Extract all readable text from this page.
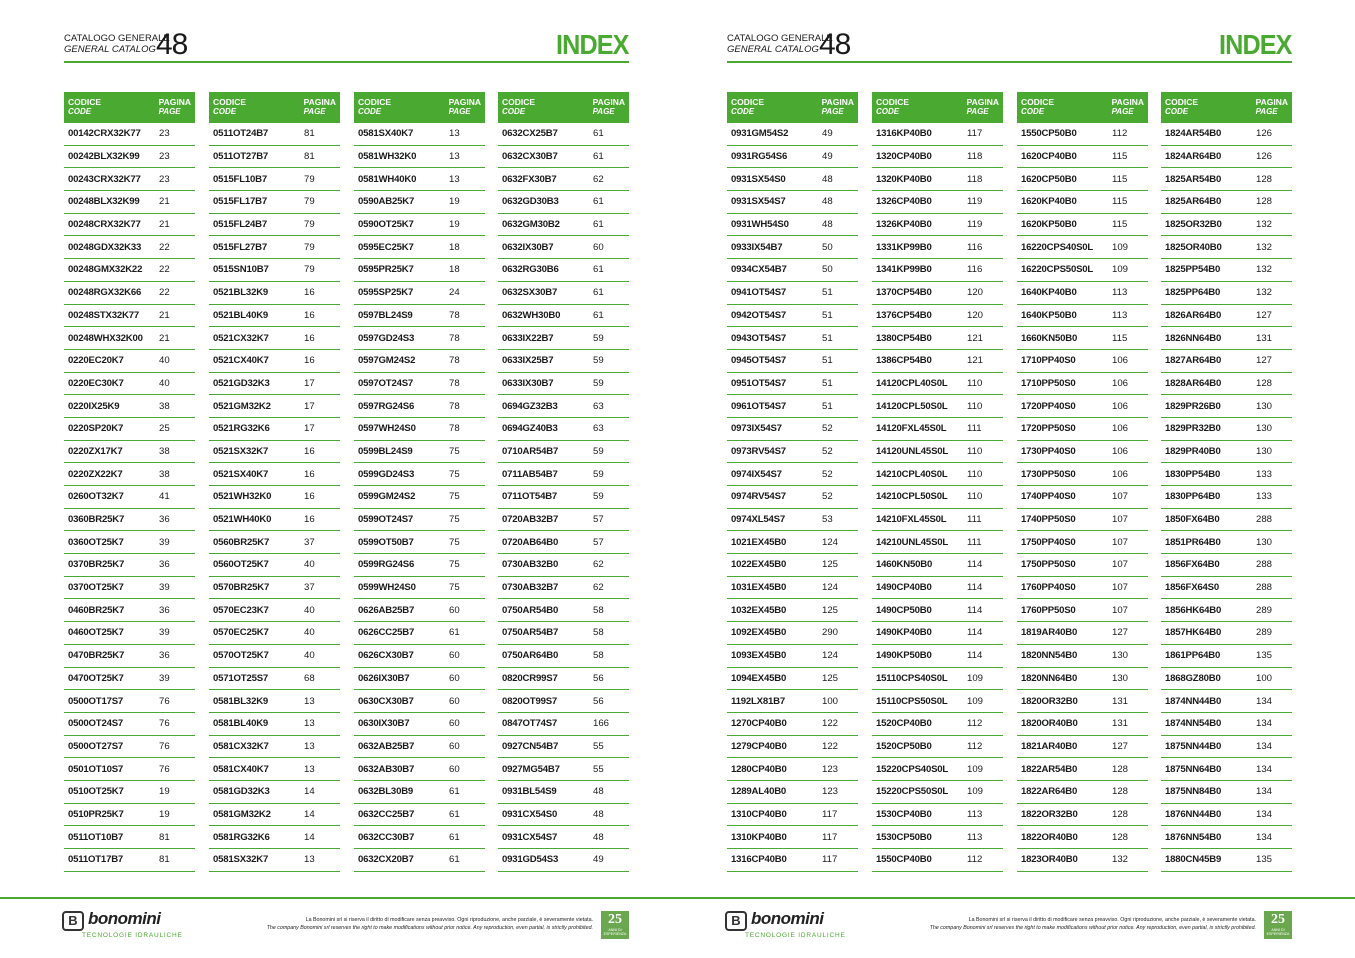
CATALOGO GENERALE
GENERAL CATALOG 48	INDEX
CODICE
CODE
PAGINA
PAGE
00142CRX32K77	23
00242BLX32K99	23
00243CRX32K77	23
00248BLX32K99	21
00248CRX32K77	21
00248GDX32K33	22
00248GMX32K22	22
00248RGX32K66	22
00248STX32K77	21
00248WHX32K00	21
0220EC20K7	40
0220EC30K7	40
0220IX25K9	38
0220SP20K7	25
0220ZX17K7	38
0220ZX22K7	38
0260OT32K7	41
0360BR25K7	36
0360OT25K7	39
0370BR25K7	36
0370OT25K7	39
0460BR25K7	36
0460OT25K7	39
0470BR25K7	36
0470OT25K7	39
0500OT17S7	76
0500OT24S7	76
0500OT27S7	76
0501OT10S7	76
0510OT25K7	19
0510PR25K7	19
0511OT10B7	81
0511OT17B7	81
CODICE
CODE
PAGINA
PAGE
0511OT24B7	81
0511OT27B7	81
0515FL10B7	79
0515FL17B7	79
0515FL24B7	79
0515FL27B7	79
0515SN10B7	79
0521BL32K9	16
0521BL40K9	16
0521CX32K7	16
0521CX40K7	16
0521GD32K3	17
0521GM32K2	17
0521RG32K6	17
0521SX32K7	16
0521SX40K7	16
0521WH32K0	16
0521WH40K0	16
0560BR25K7	37
0560OT25K7	40
0570BR25K7	37
0570EC23K7	40
0570EC25K7	40
0570OT25K7	40
0571OT25S7	68
0581BL32K9	13
0581BL40K9	13
0581CX32K7	13
0581CX40K7	13
0581GD32K3	14
0581GM32K2	14
0581RG32K6	14
0581SX32K7	13
CODICE
CODE
PAGINA
PAGE
0581SX40K7	13
0581WH32K0	13
0581WH40K0	13
0590AB25K7	19
0590OT25K7	19
0595EC25K7	18
0595PR25K7	18
0595SP25K7	24
0597BL24S9	78
0597GD24S3	78
0597GM24S2	78
0597OT24S7	78
0597RG24S6	78
0597WH24S0	78
0599BL24S9	75
0599GD24S3	75
0599GM24S2	75
0599OT24S7	75
0599OT50B7	75
0599RG24S6	75
0599WH24S0	75
0626AB25B7	60
0626CC25B7	61
0626CX30B7	60
0626IX30B7	60
0630CX30B7	60
0630IX30B7	60
0632AB25B7	60
0632AB30B7	60
0632BL30B9	61
0632CC25B7	61
0632CC30B7	61
0632CX20B7	61
CODICE
CODE
PAGINA
PAGE
0632CX25B7	61
0632CX30B7	61
0632FX30B7	62
0632GD30B3	61
0632GM30B2	61
0632IX30B7	60
0632RG30B6	61
0632SX30B7	61
0632WH30B0	61
0633IX22B7	59
0633IX25B7	59
0633IX30B7	59
0694GZ32B3	63
0694GZ40B3	63
0710AR54B7	59
0711AB54B7	59
0711OT54B7	59
0720AB32B7	57
0720AB64B0	57
0730AB32B0	62
0730AB32B7	62
0750AR54B0	58
0750AR54B7	58
0750AR64B0	58
0820CR99S7	56
0820OT99S7	56
0847OT74S7	166
0927CN54B7	55
0927MG54B7	55
0931BL54S9	48
0931CX54S0	48
0931CX54S7	48
0931GD54S3	49
B bonomini
TECNOLOGIE IDRAULICHE
La Bonomini srl si riserva il diritto di modificare senza preavviso. Ogni riproduzione, anche parziale, è severamente vietata.
The company Bonomini srl reserves the right to make modifications without prior notice. Any reproduction, even partial, is strictly prohibited.
25
ANNI DI ESPERIENZA
CATALOGO GENERALE
GENERAL CATALOG 48	INDEX
CODICE
CODE
PAGINA
PAGE
0931GM54S2	49
0931RG54S6	49
0931SX54S0	48
0931SX54S7	48
0931WH54S0	48
0933IX54B7	50
0934CX54B7	50
0941OT54S7	51
0942OT54S7	51
0943OT54S7	51
0945OT54S7	51
0951OT54S7	51
0961OT54S7	51
0973IX54S7	52
0973RV54S7	52
0974IX54S7	52
0974RV54S7	52
0974XL54S7	53
1021EX45B0	124
1022EX45B0	125
1031EX45B0	124
1032EX45B0	125
1092EX45B0	290
1093EX45B0	124
1094EX45B0	125
1192LX81B7	100
1270CP40B0	122
1279CP40B0	122
1280CP40B0	123
1289AL40B0	123
1310CP40B0	117
1310KP40B0	117
1316CP40B0	117
CODICE
CODE
PAGINA
PAGE
1316KP40B0	117
1320CP40B0	118
1320KP40B0	118
1326CP40B0	119
1326KP40B0	119
1331KP99B0	116
1341KP99B0	116
1370CP54B0	120
1376CP54B0	120
1380CP54B0	121
1386CP54B0	121
14120CPL40S0L	110
14120CPL50S0L	110
14120FXL45S0L	111
14120UNL45S0L	110
14210CPL40S0L	110
14210CPL50S0L	110
14210FXL45S0L	111
14210UNL45S0L	111
1460KN50B0	114
1490CP40B0	114
1490CP50B0	114
1490KP40B0	114
1490KP50B0	114
15110CPS40S0L	109
15110CPS50S0L	109
1520CP40B0	112
1520CP50B0	112
15220CPS40S0L	109
15220CPS50S0L	109
1530CP40B0	113
1530CP50B0	113
1550CP40B0	112
CODICE
CODE
PAGINA
PAGE
1550CP50B0	112
1620CP40B0	115
1620CP50B0	115
1620KP40B0	115
1620KP50B0	115
16220CPS40S0L	109
16220CPS50S0L	109
1640KP40B0	113
1640KP50B0	113
1660KN50B0	115
1710PP40S0	106
1710PP50S0	106
1720PP40S0	106
1720PP50S0	106
1730PP40S0	106
1730PP50S0	106
1740PP40S0	107
1740PP50S0	107
1750PP40S0	107
1750PP50S0	107
1760PP40S0	107
1760PP50S0	107
1819AR40B0	127
1820NN54B0	130
1820NN64B0	130
1820OR32B0	131
1820OR40B0	131
1821AR40B0	127
1822AR54B0	128
1822AR64B0	128
1822OR32B0	128
1822OR40B0	128
1823OR40B0	132
CODICE
CODE
PAGINA
PAGE
1824AR54B0	126
1824AR64B0	126
1825AR54B0	128
1825AR64B0	128
1825OR32B0	132
1825OR40B0	132
1825PP54B0	132
1825PP64B0	132
1826AR64B0	127
1826NN64B0	131
1827AR64B0	127
1828AR64B0	128
1829PR26B0	130
1829PR32B0	130
1829PR40B0	130
1830PP54B0	133
1830PP64B0	133
1850FX64B0	288
1851PR64B0	130
1856FX64B0	288
1856FX64S0	288
1856HK64B0	289
1857HK64B0	289
1861PP64B0	135
1868GZ80B0	100
1874NN44B0	134
1874NN54B0	134
1875NN44B0	134
1875NN64B0	134
1875NN84B0	134
1876NN44B0	134
1876NN54B0	134
1880CN45B9	135
B bonomini
TECNOLOGIE IDRAULICHE
La Bonomini srl si riserva il diritto di modificare senza preavviso. Ogni riproduzione, anche parziale, è severamente vietata.
The company Bonomini srl reserves the right to make modifications without prior notice. Any reproduction, even partial, is strictly prohibited.
25
ANNI DI ESPERIENZA
